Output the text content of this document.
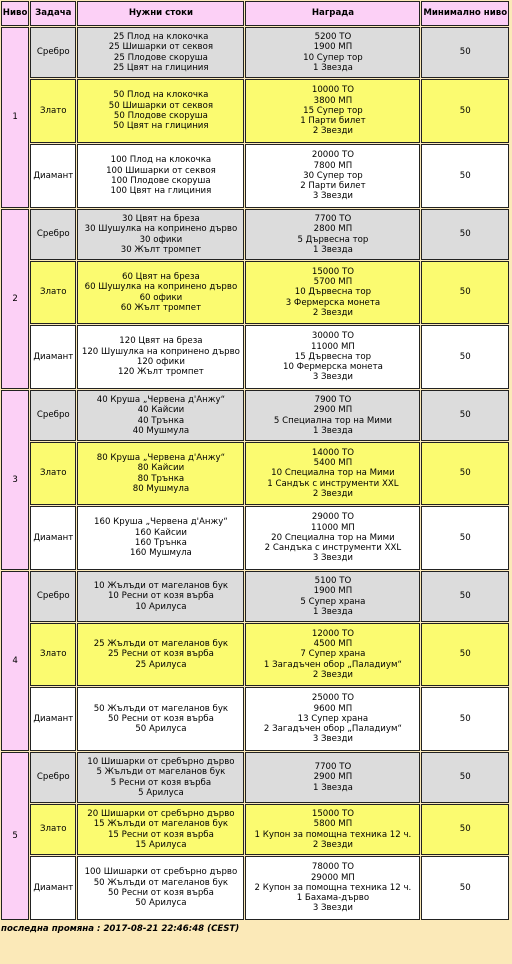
Ниво	Задача	Нужни стоки	Награда	Минимално ниво
1	Сребро	25 Плод на клокочка
25 Шишарки от секвоя
25 Плодове скоруша
25 Цвят на глициния	5200 ТО
1900 МП
10 Супер тор
1 Звезда	50
	Злато	50 Плод на клокочка
50 Шишарки от секвоя
50 Плодове скоруша
50 Цвят на глициния	10000 ТО
3800 МП
15 Супер тор
1 Парти билет
2 Звезди	50
	Диамант	100 Плод на клокочка
100 Шишарки от секвоя
100 Плодове скоруша
100 Цвят на глициния	20000 ТО
7800 МП
30 Супер тор
2 Парти билет
3 Звезди	50
2	Сребро	30 Цвят на бреза
30 Шушулка на копринено дърво
30 офики
30 Жълт тромпет	7700 ТО
2800 МП
5 Дървесна тор
1 Звезда	50
	Злато	60 Цвят на бреза
60 Шушулка на копринено дърво
60 офики
60 Жълт тромпет	15000 ТО
5700 МП
10 Дървесна тор
3 Фермерска монета
2 Звезди	50
	Диамант	120 Цвят на бреза
120 Шушулка на копринено дърво
120 офики
120 Жълт тромпет	30000 ТО
11000 МП
15 Дървесна тор
10 Фермерска монета
3 Звезди	50
3	Сребро	40 Круша „Червена д'Анжу“
40 Кайсии
40 Трънка
40 Мушмула	7900 ТО
2900 МП
5 Специална тор на Мими
1 Звезда	50
	Злато	80 Круша „Червена д'Анжу“
80 Кайсии
80 Трънка
80 Мушмула	14000 ТО
5400 МП
10 Специална тор на Мими
1 Сандък с инструменти XXL
2 Звезди	50
	Диамант	160 Круша „Червена д'Анжу“
160 Кайсии
160 Трънка
160 Мушмула	29000 ТО
11000 МП
20 Специална тор на Мими
2 Сандъка с инструменти XXL
3 Звезди	50
4	Сребро	10 Жълъди от магеланов бук
10 Ресни от козя върба
10 Арилуса	5100 ТО
1900 МП
5 Супер храна
1 Звезда	50
	Злато	25 Жълъди от магеланов бук
25 Ресни от козя върба
25 Арилуса	12000 ТО
4500 МП
7 Супер храна
1 Загадъчен обор „Паладиум“
2 Звезди	50
	Диамант	50 Жълъди от магеланов бук
50 Ресни от козя върба
50 Арилуса	25000 ТО
9600 МП
13 Супер храна
2 Загадъчен обор „Паладиум“
3 Звезди	50
5	Сребро	10 Шишарки от сребърно дърво
5 Жълъди от магеланов бук
5 Ресни от козя върба
5 Арилуса	7700 ТО
2900 МП
1 Звезда	50
	Злато	20 Шишарки от сребърно дърво
15 Жълъди от магеланов бук
15 Ресни от козя върба
15 Арилуса	15000 ТО
5800 МП
1 Купон за помощна техника 12 ч.
2 Звезди	50
	Диамант	100 Шишарки от сребърно дърво
50 Жълъди от магеланов бук
50 Ресни от козя върба
50 Арилуса	78000 ТО
29000 МП
2 Купон за помощна техника 12 ч.
1 Бахама-дърво
3 Звезди	50
последна промяна : 2017-08-21 22:46:48 (CEST)
